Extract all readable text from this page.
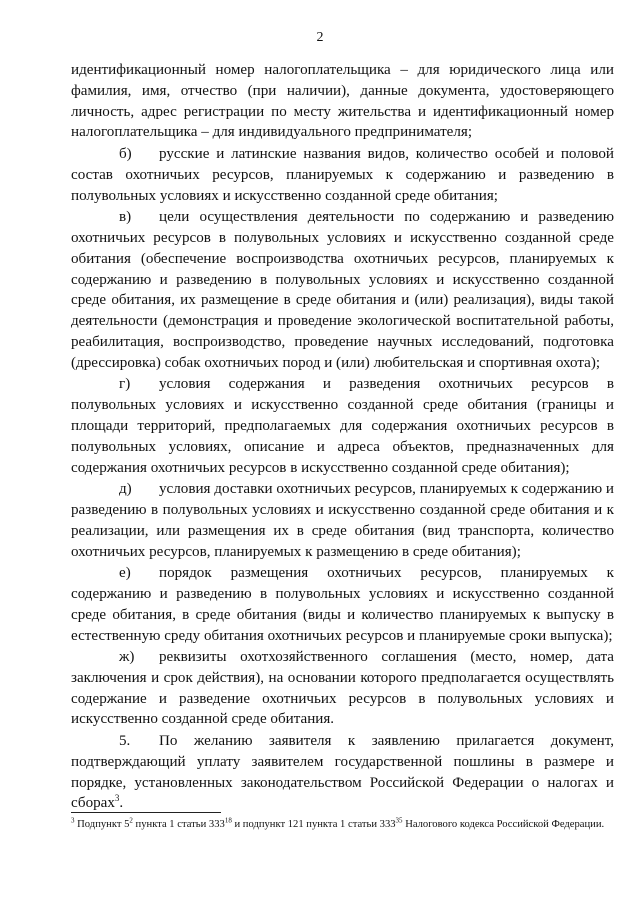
2

идентификационный номер налогоплательщика – для юридического лица или фамилия, имя, отчество (при наличии), данные документа, удостоверяющего личность, адрес регистрации по месту жительства и идентификационный номер налогоплательщика – для индивидуального предпринимателя;

б) русские и латинские названия видов, количество особей и половой состав охотничьих ресурсов, планируемых к содержанию и разведению в полувольных условиях и искусственно созданной среде обитания;

в) цели осуществления деятельности по содержанию и разведению охотничьих ресурсов в полувольных условиях и искусственно созданной среде обитания (обеспечение воспроизводства охотничьих ресурсов, планируемых к содержанию и разведению в полувольных условиях и искусственно созданной среде обитания, их размещение в среде обитания и (или) реализация), виды такой деятельности (демонстрация и проведение экологической воспитательной работы, реабилитация, воспроизводство, проведение научных исследований, подготовка (дрессировка) собак охотничьих пород и (или) любительская и спортивная охота);

г) условия содержания и разведения охотничьих ресурсов в полувольных условиях и искусственно созданной среде обитания (границы и площади территорий, предполагаемых для содержания охотничьих ресурсов в полувольных условиях, описание и адреса объектов, предназначенных для содержания охотничьих ресурсов в искусственно созданной среде обитания);

д) условия доставки охотничьих ресурсов, планируемых к содержанию и разведению в полувольных условиях и искусственно созданной среде обитания и к реализации, или размещения их в среде обитания (вид транспорта, количество охотничьих ресурсов, планируемых к размещению в среде обитания);

е) порядок размещения охотничьих ресурсов, планируемых к содержанию и разведению в полувольных условиях и искусственно созданной среде обитания, в среде обитания (виды и количество планируемых к выпуску в естественную среду обитания охотничьих ресурсов и планируемые сроки выпуска);

ж) реквизиты охотхозяйственного соглашения (место, номер, дата заключения и срок действия), на основании которого предполагается осуществлять содержание и разведение охотничьих ресурсов в полувольных условиях и искусственно созданной среде обитания.

5. По желанию заявителя к заявлению прилагается документ, подтверждающий уплату заявителем государственной пошлины в размере и порядке, установленных законодательством Российской Федерации о налогах и сборах$^3$.

$^3$ Подпункт $5^2$ пункта 1 статьи $333^{18}$ и подпункт 121 пункта 1 статьи $333^{35}$ Налогового кодекса Российской Федерации.
